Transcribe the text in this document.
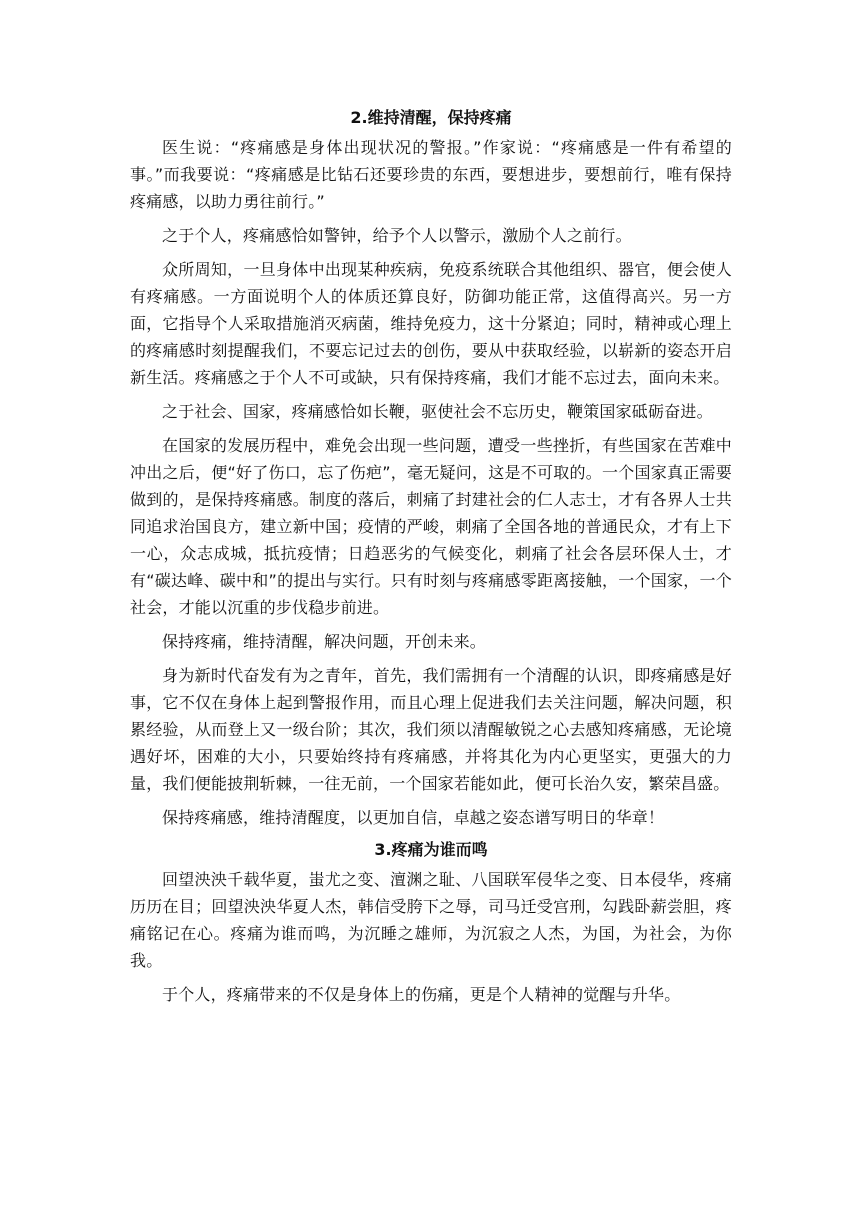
2.维持清醒，保持疼痛

医生说：“疼痛感是身体出现状况的警报。”作家说：“疼痛感是一件有希望的事。”而我要说：“疼痛感是比钻石还要珍贵的东西，要想进步，要想前行，唯有保持疼痛感，以助力勇往前行。”

之于个人，疼痛感恰如警钟，给予个人以警示，激励个人之前行。

众所周知，一旦身体中出现某种疾病，免疫系统联合其他组织、器官，便会使人有疼痛感。一方面说明个人的体质还算良好，防御功能正常，这值得高兴。另一方面，它指导个人采取措施消灭病菌，维持免疫力，这十分紧迫；同时，精神或心理上的疼痛感时刻提醒我们，不要忘记过去的创伤，要从中获取经验，以崭新的姿态开启新生活。疼痛感之于个人不可或缺，只有保持疼痛，我们才能不忘过去，面向未来。

之于社会、国家，疼痛感恰如长鞭，驱使社会不忘历史，鞭策国家砥砺奋进。

在国家的发展历程中，难免会出现一些问题，遭受一些挫折，有些国家在苦难中冲出之后，便“好了伤口，忘了伤疤”，毫无疑问，这是不可取的。一个国家真正需要做到的，是保持疼痛感。制度的落后，刺痛了封建社会的仁人志士，才有各界人士共同追求治国良方，建立新中国；疫情的严峻，刺痛了全国各地的普通民众，才有上下一心，众志成城，抵抗疫情；日趋恶劣的气候变化，刺痛了社会各层环保人士，才有“碳达峰、碳中和”的提出与实行。只有时刻与疼痛感零距离接触，一个国家，一个社会，才能以沉重的步伐稳步前进。

保持疼痛，维持清醒，解决问题，开创未来。

身为新时代奋发有为之青年，首先，我们需拥有一个清醒的认识，即疼痛感是好事，它不仅在身体上起到警报作用，而且心理上促进我们去关注问题，解决问题，积累经验，从而登上又一级台阶；其次，我们须以清醒敏锐之心去感知疼痛感，无论境遇好坏，困难的大小，只要始终持有疼痛感，并将其化为内心更坚实，更强大的力量，我们便能披荆斩棘，一往无前，一个国家若能如此，便可长治久安，繁荣昌盛。

保持疼痛感，维持清醒度，以更加自信，卓越之姿态谱写明日的华章！

3.疼痛为谁而鸣

回望泱泱千载华夏，蚩尤之变、澶渊之耻、八国联军侵华之变、日本侵华，疼痛历历在目；回望泱泱华夏人杰，韩信受胯下之辱，司马迁受宫刑，勾践卧薪尝胆，疼痛铭记在心。疼痛为谁而鸣，为沉睡之雄师，为沉寂之人杰，为国，为社会，为你我。

于个人，疼痛带来的不仅是身体上的伤痛，更是个人精神的觉醒与升华。
